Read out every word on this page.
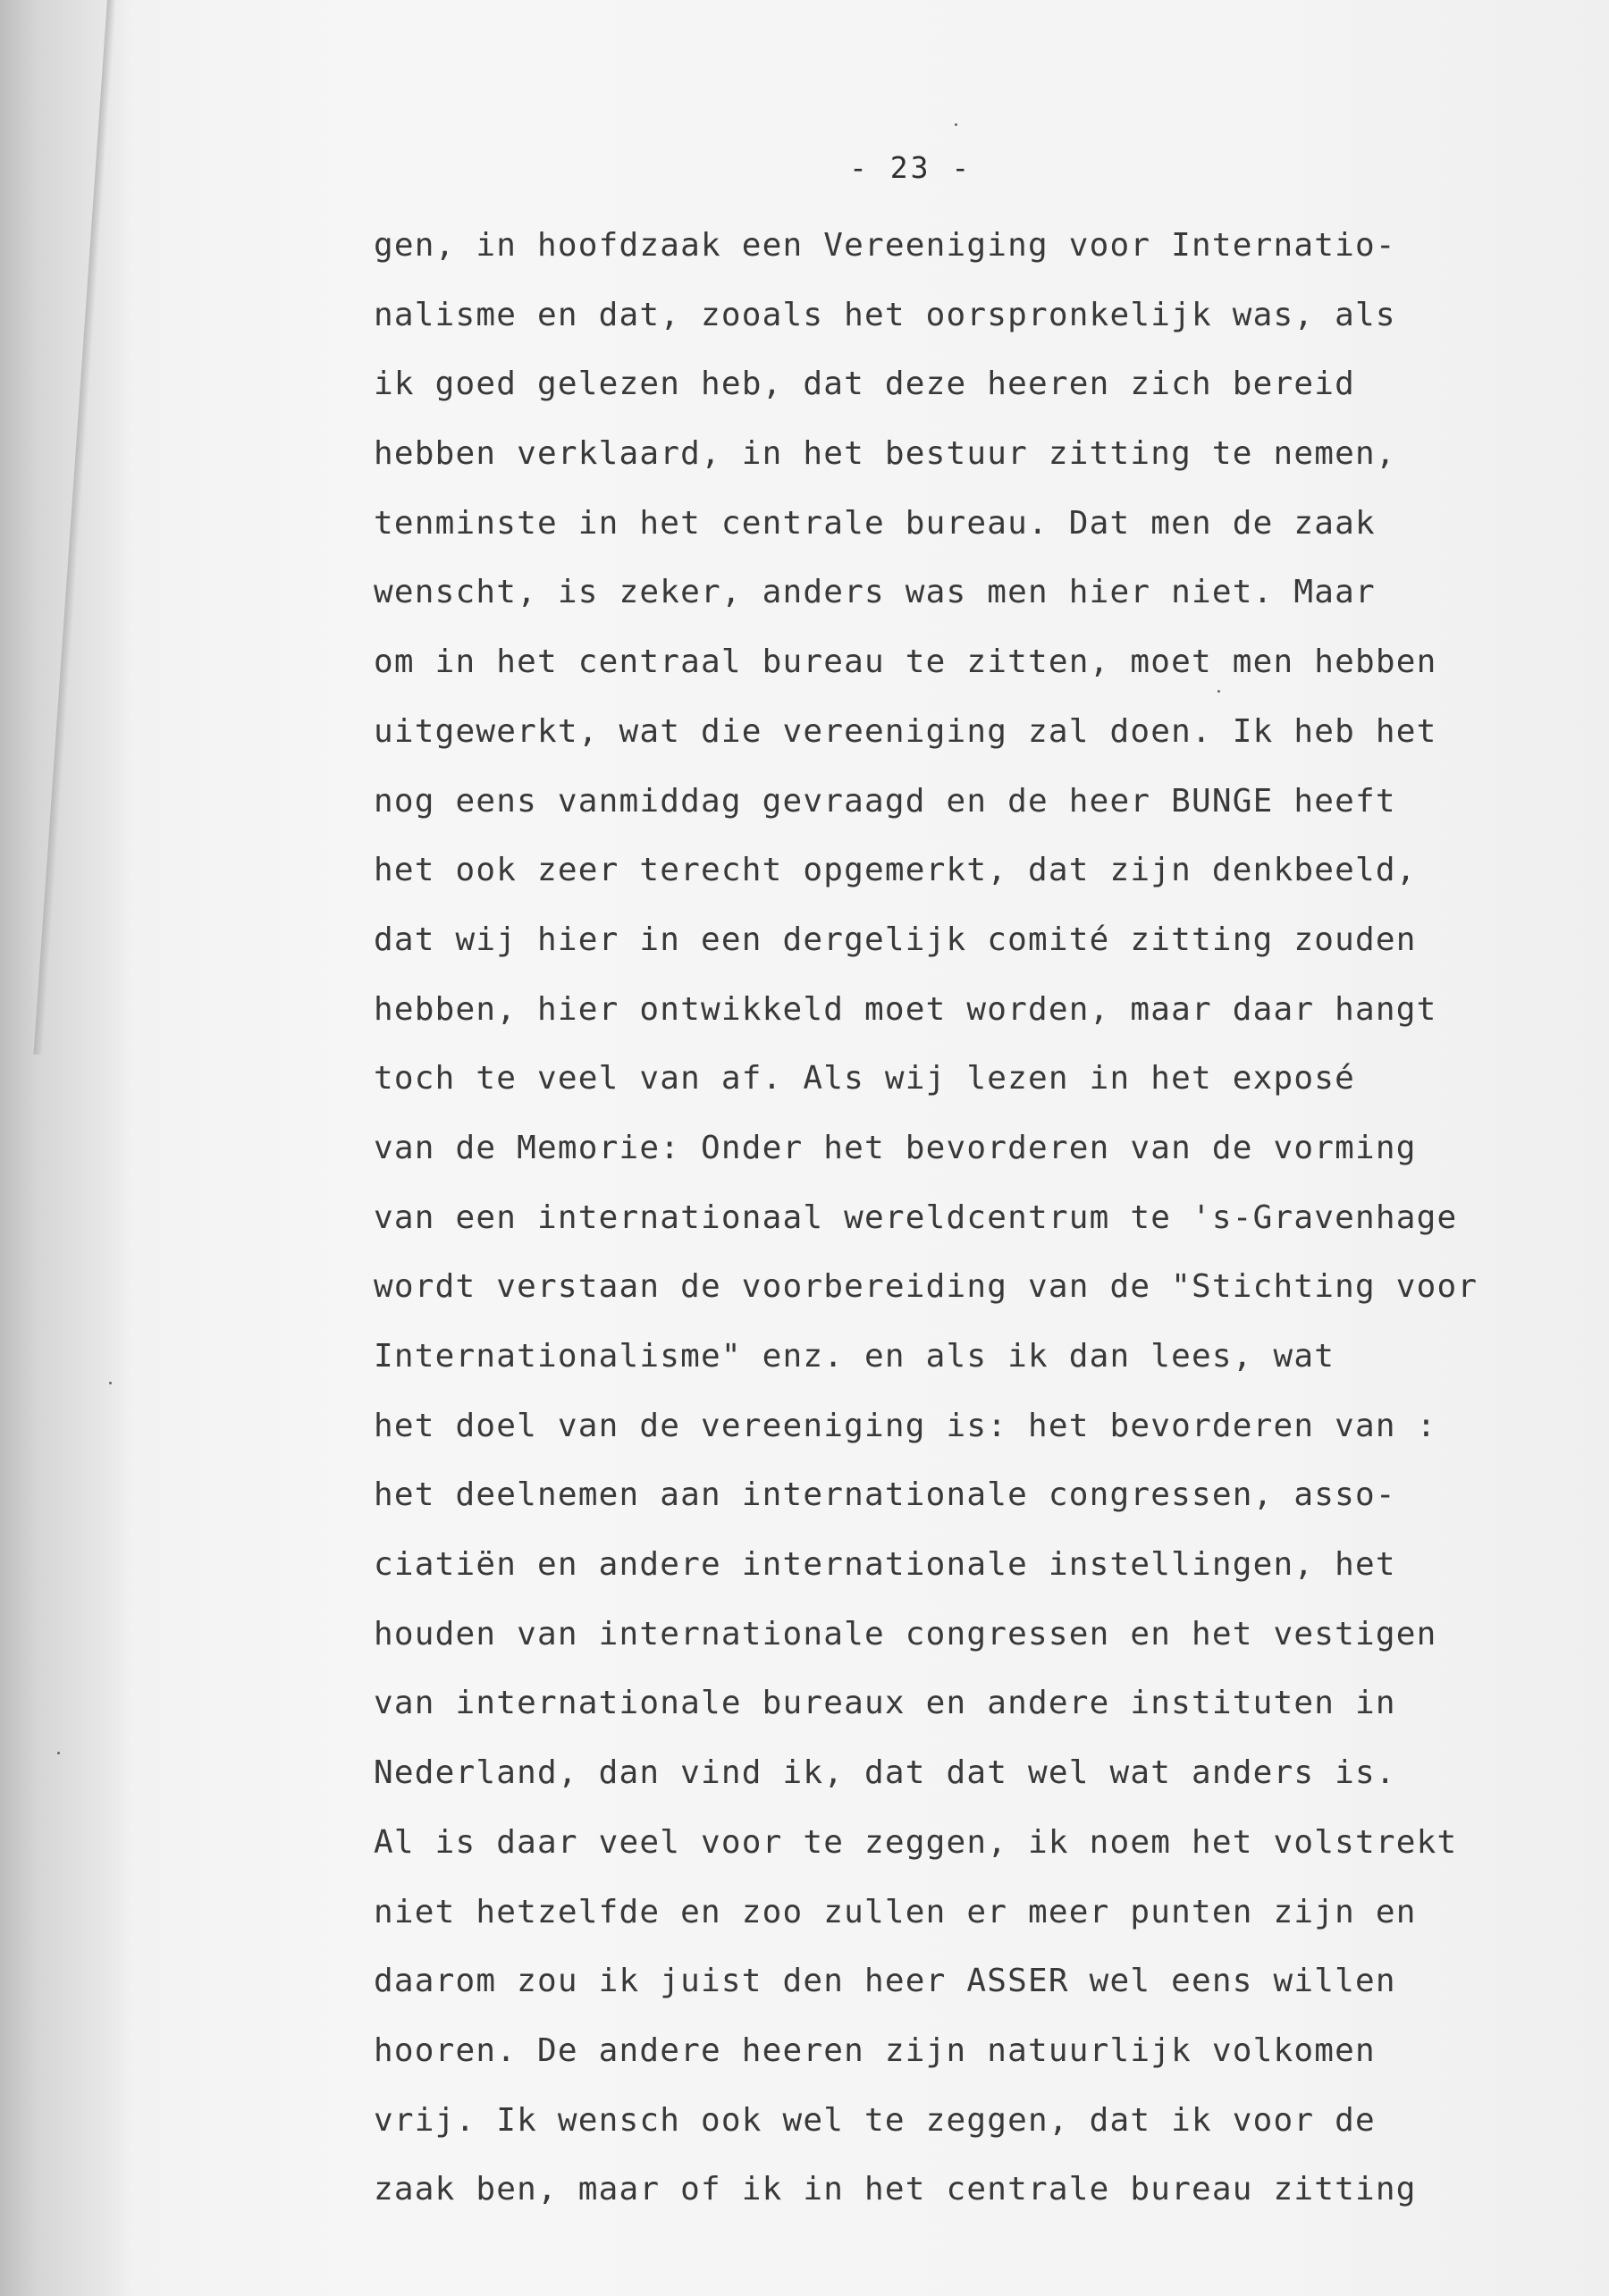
- 23 -
gen, in hoofdzaak een Vereeniging voor Internatio-
nalisme en dat, zooals het oorspronkelijk was, als
ik goed gelezen heb, dat deze heeren zich bereid
hebben verklaard, in het bestuur zitting te nemen,
tenminste in het centrale bureau. Dat men de zaak
wenscht, is zeker, anders was men hier niet. Maar
om in het centraal bureau te zitten, moet men hebben
uitgewerkt, wat die vereeniging zal doen. Ik heb het
nog eens vanmiddag gevraagd en de heer BUNGE heeft
het ook zeer terecht opgemerkt, dat zijn denkbeeld,
dat wij hier in een dergelijk comité zitting zouden
hebben, hier ontwikkeld moet worden, maar daar hangt
toch te veel van af. Als wij lezen in het exposé
van de Memorie: Onder het bevorderen van de vorming
van een internationaal wereldcentrum te 's-Gravenhage
wordt verstaan de voorbereiding van de "Stichting voor
Internationalisme" enz. en als ik dan lees, wat
het doel van de vereeniging is: het bevorderen van :
het deelnemen aan internationale congressen, asso-
ciatiën en andere internationale instellingen, het
houden van internationale congressen en het vestigen
van internationale bureaux en andere instituten in
Nederland, dan vind ik, dat dat wel wat anders is.
Al is daar veel voor te zeggen, ik noem het volstrekt
niet hetzelfde en zoo zullen er meer punten zijn en
daarom zou ik juist den heer ASSER wel eens willen
hooren. De andere heeren zijn natuurlijk volkomen
vrij. Ik wensch ook wel te zeggen, dat ik voor de
zaak ben, maar of ik in het centrale bureau zitting
